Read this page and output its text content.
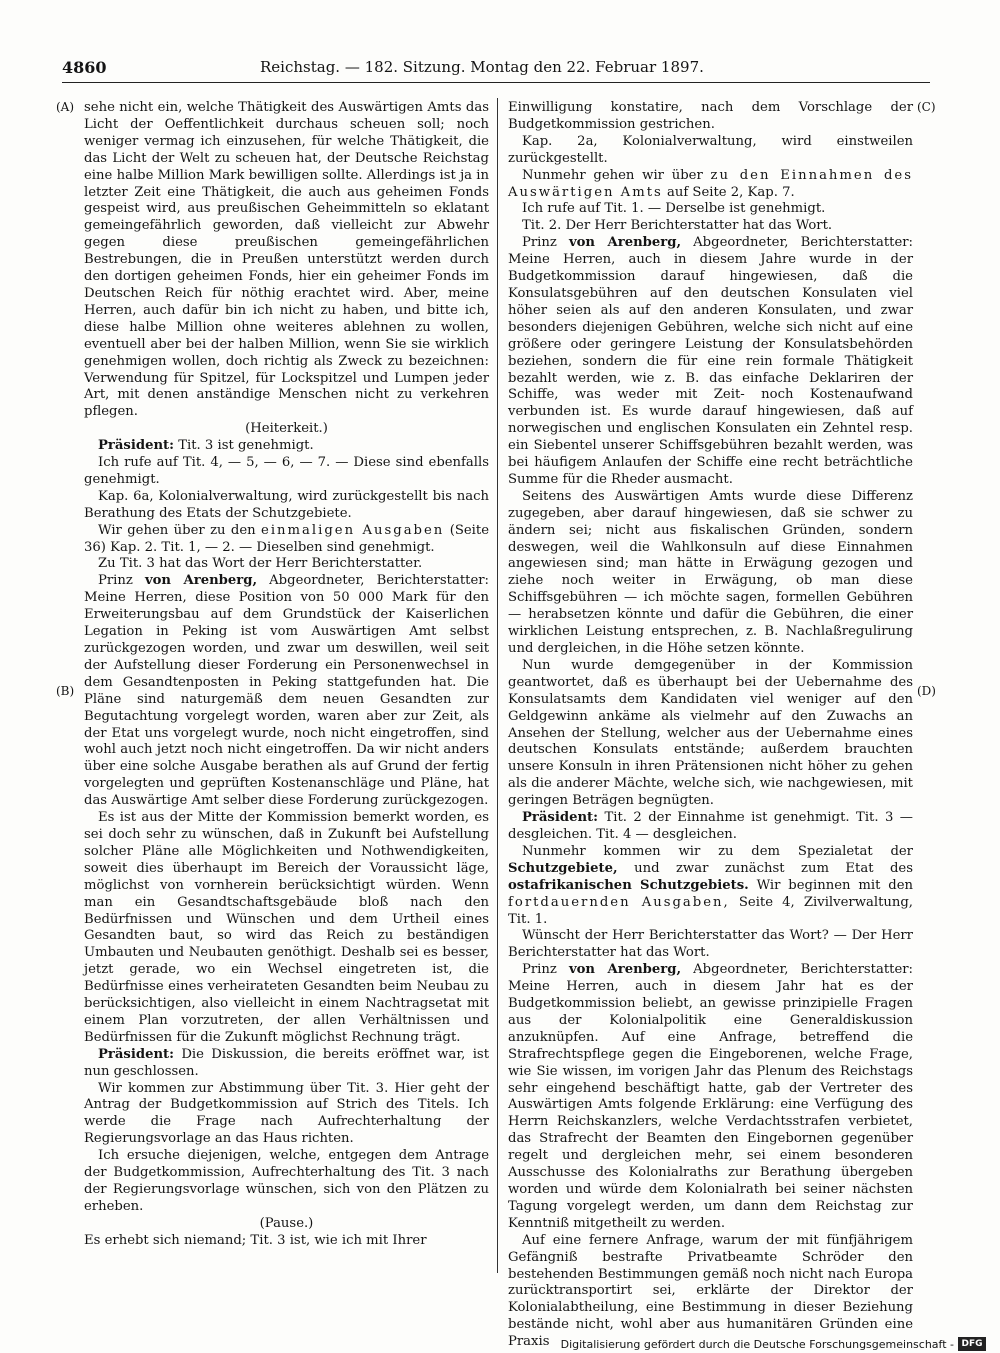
4860	Reichstag. — 182. Sitzung. Montag den 22. Februar 1897.
(A)
(B)
(C)
(D)

sehe nicht ein, welche Thätigkeit des Auswärtigen Amts das Licht der Oeffentlichkeit durchaus scheuen soll; noch weniger vermag ich einzusehen, für welche Thätigkeit, die das Licht der Welt zu scheuen hat, der Deutsche Reichstag eine halbe Million Mark bewilligen sollte. Allerdings ist ja in letzter Zeit eine Thätigkeit, die auch aus geheimen Fonds gespeist wird, aus preußischen Geheimmitteln so eklatant gemeingefährlich geworden, daß vielleicht zur Abwehr gegen diese preußischen gemeingefährlichen Bestrebungen, die in Preußen unterstützt werden durch den dortigen geheimen Fonds, hier ein geheimer Fonds im Deutschen Reich für nöthig erachtet wird. Aber, meine Herren, auch dafür bin ich nicht zu haben, und bitte ich, diese halbe Million ohne weiteres ablehnen zu wollen, eventuell aber bei der halben Million, wenn Sie sie wirklich genehmigen wollen, doch richtig als Zweck zu bezeichnen: Verwendung für Spitzel, für Lockspitzel und Lumpen jeder Art, mit denen anständige Menschen nicht zu verkehren pflegen.

(Heiterkeit.)

Präsident: Tit. 3 ist genehmigt.

Ich rufe auf Tit. 4, — 5, — 6, — 7. — Diese sind ebenfalls genehmigt.

Kap. 6a, Kolonialverwaltung, wird zurückgestellt bis nach Berathung des Etats der Schutzgebiete.

Wir gehen über zu den einmaligen Ausgaben (Seite 36) Kap. 2. Tit. 1, — 2. — Dieselben sind genehmigt.

Zu Tit. 3 hat das Wort der Herr Berichterstatter.

Prinz von Arenberg, Abgeordneter, Berichterstatter: Meine Herren, diese Position von 50 000 Mark für den Erweiterungsbau auf dem Grundstück der Kaiserlichen Legation in Peking ist vom Auswärtigen Amt selbst zurückgezogen worden, und zwar um deswillen, weil seit der Aufstellung dieser Forderung ein Personenwechsel in dem Gesandtenposten in Peking stattgefunden hat. Die Pläne sind naturgemäß dem neuen Gesandten zur Begutachtung vorgelegt worden, waren aber zur Zeit, als der Etat uns vorgelegt wurde, noch nicht eingetroffen, sind wohl auch jetzt noch nicht eingetroffen. Da wir nicht anders über eine solche Ausgabe berathen als auf Grund der fertig vorgelegten und geprüften Kostenanschläge und Pläne, hat das Auswärtige Amt selber diese Forderung zurückgezogen.

Es ist aus der Mitte der Kommission bemerkt worden, es sei doch sehr zu wünschen, daß in Zukunft bei Aufstellung solcher Pläne alle Möglichkeiten und Nothwendigkeiten, soweit dies überhaupt im Bereich der Voraussicht läge, möglichst von vornherein berücksichtigt würden. Wenn man ein Gesandtschaftsgebäude bloß nach den Bedürfnissen und Wünschen und dem Urtheil eines Gesandten baut, so wird das Reich zu beständigen Umbauten und Neubauten genöthigt. Deshalb sei es besser, jetzt gerade, wo ein Wechsel eingetreten ist, die Bedürfnisse eines verheirateten Gesandten beim Neubau zu berücksichtigen, also vielleicht in einem Nachtragsetat mit einem Plan vorzutreten, der allen Verhältnissen und Bedürfnissen für die Zukunft möglichst Rechnung trägt.

Präsident: Die Diskussion, die bereits eröffnet war, ist nun geschlossen.

Wir kommen zur Abstimmung über Tit. 3. Hier geht der Antrag der Budgetkommission auf Strich des Titels. Ich werde die Frage nach Aufrechterhaltung der Regierungsvorlage an das Haus richten.

Ich ersuche diejenigen, welche, entgegen dem Antrage der Budgetkommission, Aufrechterhaltung des Tit. 3 nach der Regierungsvorlage wünschen, sich von den Plätzen zu erheben.

(Pause.)

Es erhebt sich niemand; Tit. 3 ist, wie ich mit Ihrer

Einwilligung konstatire, nach dem Vorschlage der Budgetkommission gestrichen.

Kap. 2a, Kolonialverwaltung, wird einstweilen zurückgestellt.

Nunmehr gehen wir über zu den Einnahmen des Auswärtigen Amts auf Seite 2, Kap. 7.

Ich rufe auf Tit. 1. — Derselbe ist genehmigt.

Tit. 2. Der Herr Berichterstatter hat das Wort.

Prinz von Arenberg, Abgeordneter, Berichterstatter: Meine Herren, auch in diesem Jahre wurde in der Budgetkommission darauf hingewiesen, daß die Konsulatsgebühren auf den deutschen Konsulaten viel höher seien als auf den anderen Konsulaten, und zwar besonders diejenigen Gebühren, welche sich nicht auf eine größere oder geringere Leistung der Konsulatsbehörden beziehen, sondern die für eine rein formale Thätigkeit bezahlt werden, wie z. B. das einfache Deklariren der Schiffe, was weder mit Zeit- noch Kostenaufwand verbunden ist. Es wurde darauf hingewiesen, daß auf norwegischen und englischen Konsulaten ein Zehntel resp. ein Siebentel unserer Schiffsgebühren bezahlt werden, was bei häufigem Anlaufen der Schiffe eine recht beträchtliche Summe für die Rheder ausmacht.

Seitens des Auswärtigen Amts wurde diese Differenz zugegeben, aber darauf hingewiesen, daß sie schwer zu ändern sei; nicht aus fiskalischen Gründen, sondern deswegen, weil die Wahlkonsuln auf diese Einnahmen angewiesen sind; man hätte in Erwägung gezogen und ziehe noch weiter in Erwägung, ob man diese Schiffsgebühren — ich möchte sagen, formellen Gebühren — herabsetzen könnte und dafür die Gebühren, die einer wirklichen Leistung entsprechen, z. B. Nachlaßregulirung und dergleichen, in die Höhe setzen könnte.

Nun wurde demgegenüber in der Kommission geantwortet, daß es überhaupt bei der Uebernahme des Konsulatsamts dem Kandidaten viel weniger auf den Geldgewinn ankäme als vielmehr auf den Zuwachs an Ansehen der Stellung, welcher aus der Uebernahme eines deutschen Konsulats entstände; außerdem brauchten unsere Konsuln in ihren Prätensionen nicht höher zu gehen als die anderer Mächte, welche sich, wie nachgewiesen, mit geringen Beträgen begnügten.

Präsident: Tit. 2 der Einnahme ist genehmigt. Tit. 3 — desgleichen. Tit. 4 — desgleichen.

Nunmehr kommen wir zu dem Spezialetat der Schutzgebiete, und zwar zunächst zum Etat des ostafrikanischen Schutzgebiets. Wir beginnen mit den fortdauernden Ausgaben, Seite 4, Zivilverwaltung, Tit. 1.

Wünscht der Herr Berichterstatter das Wort? — Der Herr Berichterstatter hat das Wort.

Prinz von Arenberg, Abgeordneter, Berichterstatter: Meine Herren, auch in diesem Jahr hat es der Budgetkommission beliebt, an gewisse prinzipielle Fragen aus der Kolonialpolitik eine Generaldiskussion anzuknüpfen. Auf eine Anfrage, betreffend die Strafrechtspflege gegen die Eingeborenen, welche Frage, wie Sie wissen, im vorigen Jahr das Plenum des Reichstags sehr eingehend beschäftigt hatte, gab der Vertreter des Auswärtigen Amts folgende Erklärung: eine Verfügung des Herrn Reichskanzlers, welche Verdachtsstrafen verbietet, das Strafrecht der Beamten den Eingebornen gegenüber regelt und dergleichen mehr, sei einem besonderen Ausschusse des Kolonialraths zur Berathung übergeben worden und würde dem Kolonialrath bei seiner nächsten Tagung vorgelegt werden, um dann dem Reichstag zur Kenntniß mitgetheilt zu werden.

Auf eine fernere Anfrage, warum der mit fünfjährigem Gefängniß bestrafte Privatbeamte Schröder den bestehenden Bestimmungen gemäß noch nicht nach Europa zurücktransportirt sei, erklärte der Direktor der Kolonialabtheilung, eine Bestimmung in dieser Beziehung bestände nicht, wohl aber aus humanitären Gründen eine Praxis	Digitalisierung gefördert durch die Deutsche Forschungsgemeinschaft - DFG
